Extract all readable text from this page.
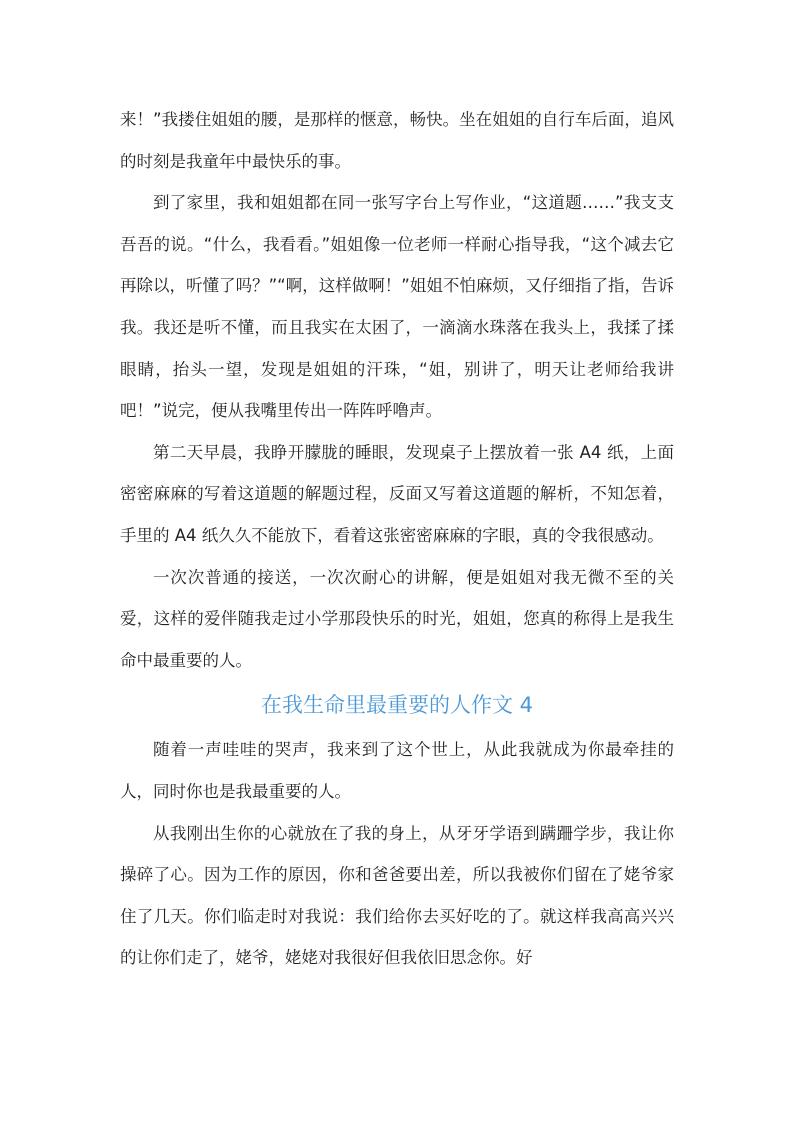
来！”我搂住姐姐的腰，是那样的惬意，畅快。坐在姐姐的自行车后面，追风的时刻是我童年中最快乐的事。

到了家里，我和姐姐都在同一张写字台上写作业，“这道题……”我支支吾吾的说。“什么，我看看。”姐姐像一位老师一样耐心指导我，“这个减去它再除以，听懂了吗？”“啊，这样做啊！”姐姐不怕麻烦，又仔细指了指，告诉我。我还是听不懂，而且我实在太困了，一滴滴水珠落在我头上，我揉了揉眼睛，抬头一望，发现是姐姐的汗珠，“姐，别讲了，明天让老师给我讲吧！”说完，便从我嘴里传出一阵阵呼噜声。

第二天早晨，我睁开朦胧的睡眼，发现桌子上摆放着一张 A4 纸，上面密密麻麻的写着这道题的解题过程，反面又写着这道题的解析，不知怎着，手里的 A4 纸久久不能放下，看着这张密密麻麻的字眼，真的令我很感动。

一次次普通的接送，一次次耐心的讲解，便是姐姐对我无微不至的关爱，这样的爱伴随我走过小学那段快乐的时光，姐姐，您真的称得上是我生命中最重要的人。

在我生命里最重要的人作文 4

随着一声哇哇的哭声，我来到了这个世上，从此我就成为你最牵挂的人，同时你也是我最重要的人。

从我刚出生你的心就放在了我的身上，从牙牙学语到蹒跚学步，我让你操碎了心。因为工作的原因，你和爸爸要出差，所以我被你们留在了姥爷家住了几天。你们临走时对我说：我们给你去买好吃的了。就这样我高高兴兴的让你们走了，姥爷，姥姥对我很好但我依旧思念你。好
